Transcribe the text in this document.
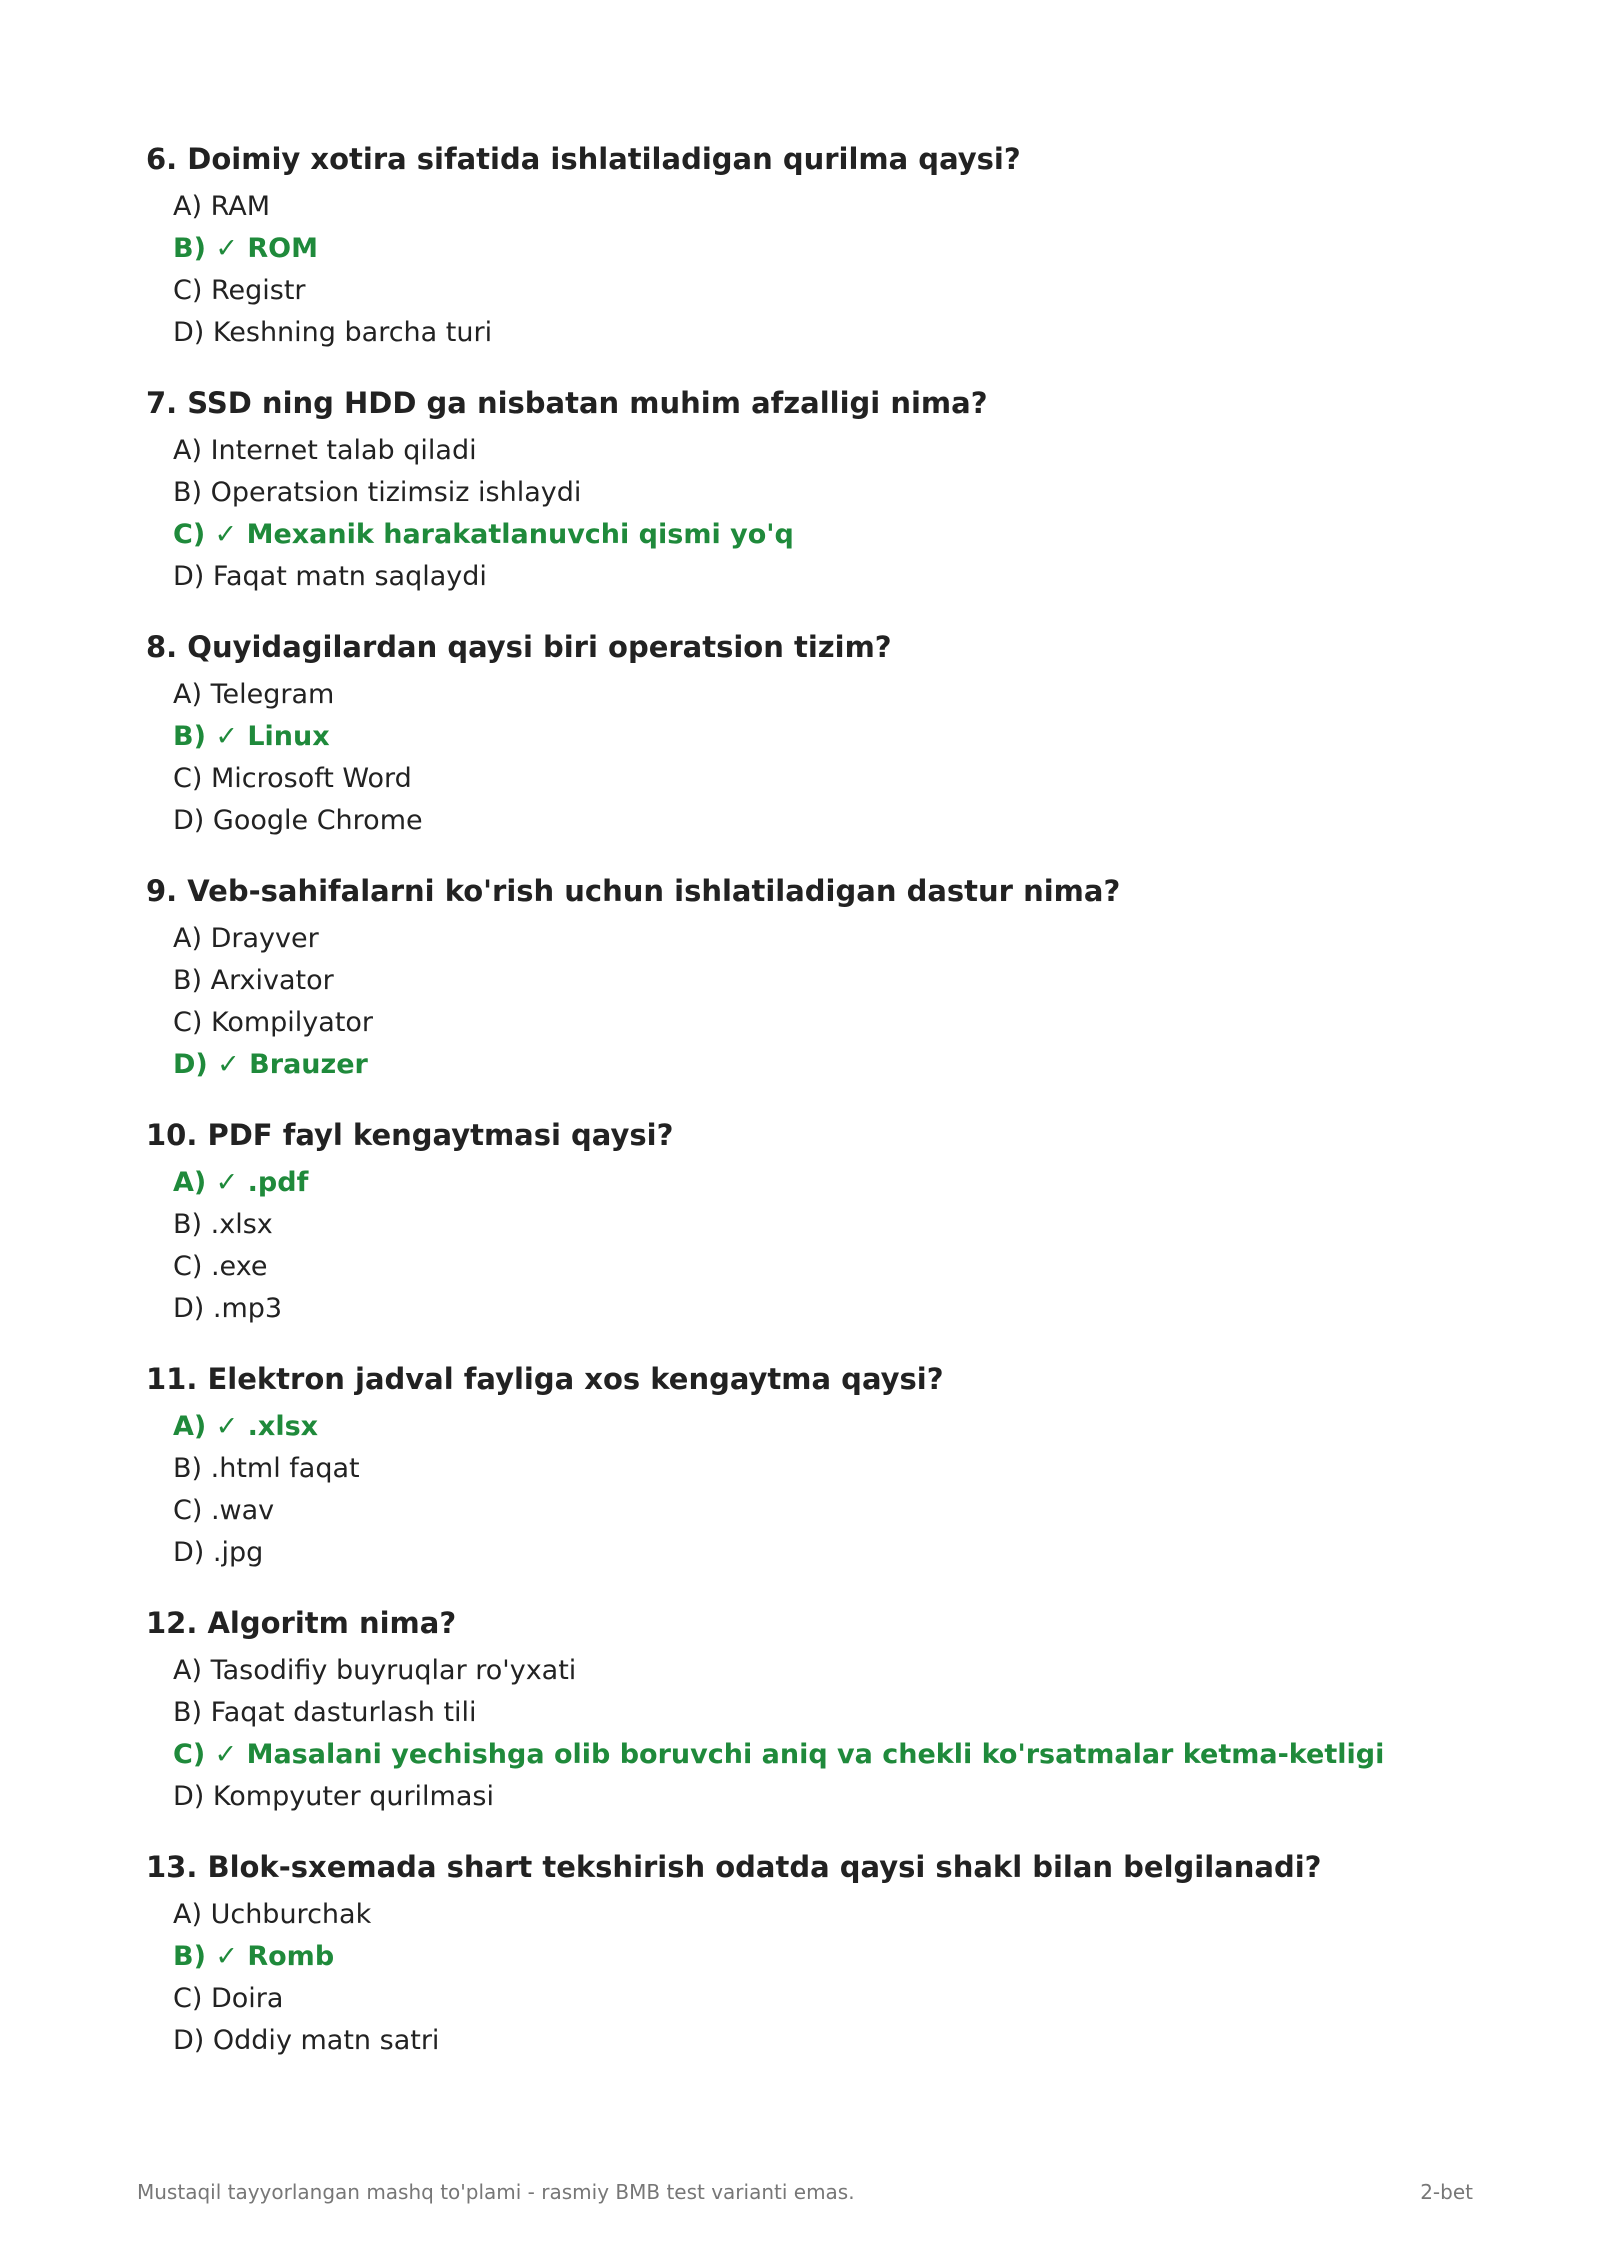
6. Doimiy xotira sifatida ishlatiladigan qurilma qaysi?
A) RAM
B) ✓ ROM
C) Registr
D) Keshning barcha turi
7. SSD ning HDD ga nisbatan muhim afzalligi nima?
A) Internet talab qiladi
B) Operatsion tizimsiz ishlaydi
C) ✓ Mexanik harakatlanuvchi qismi yo'q
D) Faqat matn saqlaydi
8. Quyidagilardan qaysi biri operatsion tizim?
A) Telegram
B) ✓ Linux
C) Microsoft Word
D) Google Chrome
9. Veb-sahifalarni ko'rish uchun ishlatiladigan dastur nima?
A) Drayver
B) Arxivator
C) Kompilyator
D) ✓ Brauzer
10. PDF fayl kengaytmasi qaysi?
A) ✓ .pdf
B) .xlsx
C) .exe
D) .mp3
11. Elektron jadval fayliga xos kengaytma qaysi?
A) ✓ .xlsx
B) .html faqat
C) .wav
D) .jpg
12. Algoritm nima?
A) Tasodifiy buyruqlar ro'yxati
B) Faqat dasturlash tili
C) ✓ Masalani yechishga olib boruvchi aniq va chekli ko'rsatmalar ketma-ketligi
D) Kompyuter qurilmasi
13. Blok-sxemada shart tekshirish odatda qaysi shakl bilan belgilanadi?
A) Uchburchak
B) ✓ Romb
C) Doira
D) Oddiy matn satri
Mustaqil tayyorlangan mashq to'plami - rasmiy BMB test varianti emas.	2-bet
